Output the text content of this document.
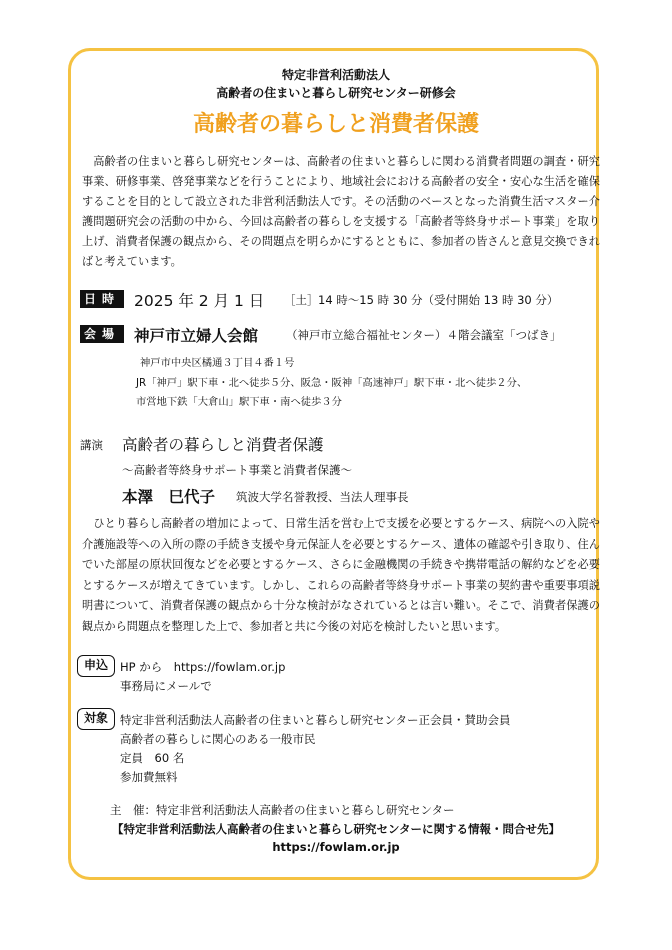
特定非営利活動法人
高齢者の住まいと暮らし研究センター研修会
高齢者の暮らしと消費者保護
高齢者の住まいと暮らし研究センターは、高齢者の住まいと暮らしに関わる消費者問題の調査・研究事業、研修事業、啓発事業などを行うことにより、地域社会における高齢者の安全・安心な生活を確保することを目的として設立された非営利活動法人です。その活動のベースとなった消費生活マスター介護問題研究会の活動の中から、今回は高齢者の暮らしを支援する「高齢者等終身サポート事業」を取り上げ、消費者保護の観点から、その問題点を明らかにするとともに、参加者の皆さんと意見交換できればと考えています。
日時 2025 年 2 月 1 日 ［土］ 14 時～15 時 30 分（受付開始 13 時 30 分）
会場 神戸市立婦人会館 （神戸市立総合福祉センター）４階会議室「つばき」
神戸市中央区橘通３丁目４番１号
JR「神戸」駅下車・北へ徒歩５分、阪急・阪神「高速神戸」駅下車・北へ徒歩２分、
市営地下鉄「大倉山」駅下車・南へ徒歩３分
講演 高齢者の暮らしと消費者保護
～高齢者等終身サポート事業と消費者保護～
本澤　巳代子 筑波大学名誉教授、当法人理事長
ひとり暮らし高齢者の増加によって、日常生活を営む上で支援を必要とするケース、病院への入院や介護施設等への入所の際の手続き支援や身元保証人を必要とするケース、遺体の確認や引き取り、住んでいた部屋の原状回復などを必要とするケース、さらに金融機関の手続きや携帯電話の解約などを必要とするケースが増えてきています。しかし、これらの高齢者等終身サポート事業の契約書や重要事項説明書について、消費者保護の観点から十分な検討がなされているとは言い難い。そこで、消費者保護の観点から問題点を整理した上で、参加者と共に今後の対応を検討したいと思います。
申込	HP から　https://fowlam.or.jp
事務局にメールで
対象	特定非営利活動法人高齢者の住まいと暮らし研究センター正会員・賛助会員
高齢者の暮らしに関心のある一般市民
定員　60 名
参加費無料
主　催：特定非営利活動法人高齢者の住まいと暮らし研究センター
【特定非営利活動法人高齢者の住まいと暮らし研究センターに関する情報・問合せ先】
https://fowlam.or.jp
